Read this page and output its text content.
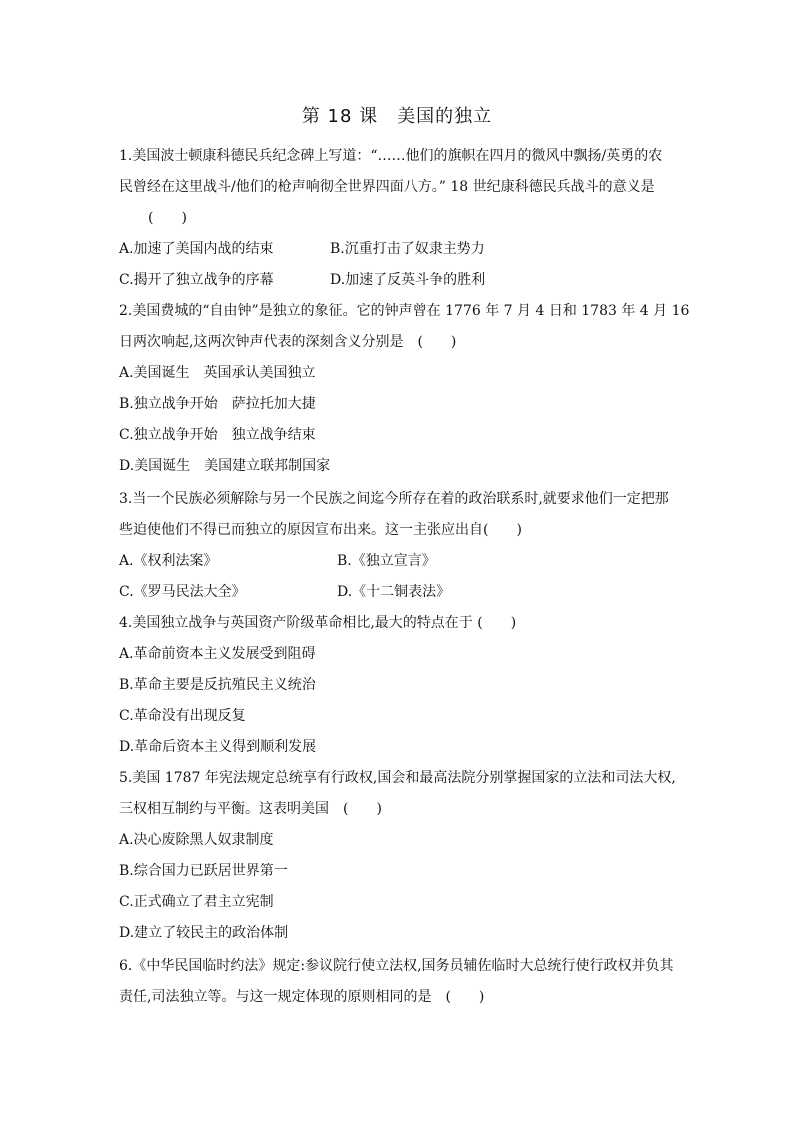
第 18 课　美国的独立
1.美国波士顿康科德民兵纪念碑上写道：“……他们的旗帜在四月的微风中飘扬/英勇的农
民曾经在这里战斗/他们的枪声响彻全世界四面八方。” 18 世纪康科德民兵战斗的意义是
(　　)
A.加速了美国内战的结束	B.沉重打击了奴隶主势力
C.揭开了独立战争的序幕	D.加速了反英斗争的胜利
2.美国费城的“自由钟”是独立的象征。它的钟声曾在 1776 年 7 月 4 日和 1783 年 4 月 16
日两次响起,这两次钟声代表的深刻含义分别是　(　　)
A.美国诞生　英国承认美国独立
B.独立战争开始　萨拉托加大捷
C.独立战争开始　独立战争结束
D.美国诞生　美国建立联邦制国家
3.当一个民族必须解除与另一个民族之间迄今所存在着的政治联系时,就要求他们一定把那
些迫使他们不得已而独立的原因宣布出来。这一主张应出自(　　)
A.《权利法案》	B.《独立宣言》
C.《罗马民法大全》	D.《十二铜表法》
4.美国独立战争与英国资产阶级革命相比,最大的特点在于 (　　)
A.革命前资本主义发展受到阻碍
B.革命主要是反抗殖民主义统治
C.革命没有出现反复
D.革命后资本主义得到顺利发展
5.美国 1787 年宪法规定总统享有行政权,国会和最高法院分别掌握国家的立法和司法大权,
三权相互制约与平衡。这表明美国　(　　)
A.决心废除黑人奴隶制度
B.综合国力已跃居世界第一
C.正式确立了君主立宪制
D.建立了较民主的政治体制
6.《中华民国临时约法》规定:参议院行使立法权,国务员辅佐临时大总统行使行政权并负其
责任,司法独立等。与这一规定体现的原则相同的是　(　　)
